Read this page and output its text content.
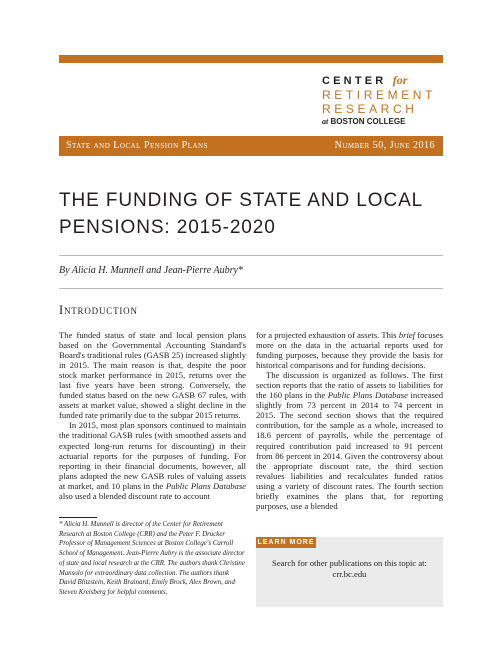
CENTER for
RETIREMENT
RESEARCH
at BOSTON COLLEGE
State and Local Pension Plans	Number 50, June 2016
THE FUNDING OF STATE AND LOCAL PENSIONS: 2015-2020
By Alicia H. Munnell and Jean-Pierre Aubry*
Introduction

The funded status of state and local pension plans based on the Governmental Accounting Standard's Board's traditional rules (GASB 25) increased slightly in 2015. The main reason is that, despite the poor stock market performance in 2015, returns over the last five years have been strong. Conversely, the funded status based on the new GASB 67 rules, with assets at market value, showed a slight decline in the funded rate primarily due to the subpar 2015 returns.

In 2015, most plan sponsors continued to maintain the traditional GASB rules (with smoothed assets and expected long-run returns for discounting) in their actuarial reports for the purposes of funding. For reporting in their financial documents, however, all plans adopted the new GASB rules of valuing assets at market, and 10 plans in the Public Plans Database also used a blended discount rate to account

for a projected exhaustion of assets. This brief focuses more on the data in the actuarial reports used for funding purposes, because they provide the basis for historical comparisons and for funding decisions.

The discussion is organized as follows. The first section reports that the ratio of assets to liabilities for the 160 plans in the Public Plans Database increased slightly from 73 percent in 2014 to 74 percent in 2015. The second section shows that the required contribution, for the sample as a whole, increased to 18.6 percent of payrolls, while the percentage of required contribution paid increased to 91 percent from 86 percent in 2014. Given the controversy about the appropriate discount rate, the third section revalues liabilities and recalculates funded ratios using a variety of discount rates. The fourth section briefly examines the plans that, for reporting purposes, use a blended

* Alicia H. Munnell is director of the Center for Retirement Research at Boston College (CRR) and the Peter F. Drucker Professor of Management Sciences at Boston College's Carroll School of Management. Jean-Pierre Aubry is the associate director of state and local research at the CRR. The authors thank Christine Mansolo for extraordinary data collection. The authors thank David Blitzstein, Keith Brainard, Emily Brock, Alex Brown, and Steven Kreisberg for helpful comments.
LEARN MORE
Search for other publications on this topic at:
crr.bc.edu
